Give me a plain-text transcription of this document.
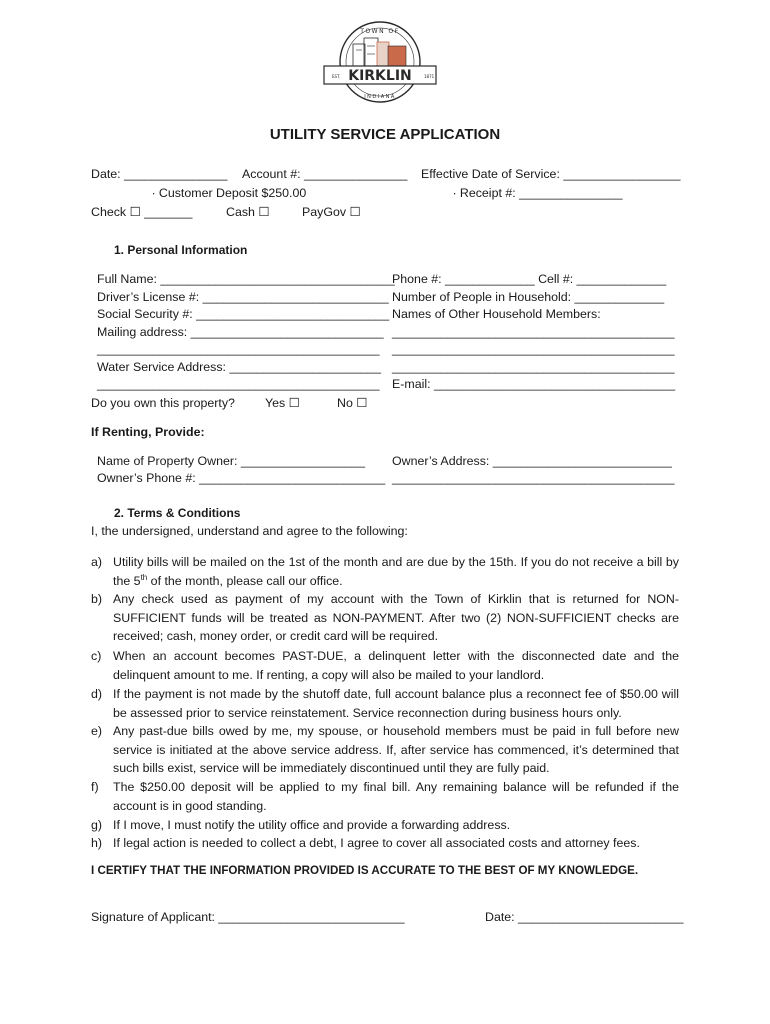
KIRKLIN
EST.	1871
TOWN OF
INDIANA
UTILITY SERVICE APPLICATION
Date: _______________ Account #: _______________ Effective Date of Service: _________________
∙ Customer Deposit $250.00	∙ Receipt #: _______________
Check ☐ _______	Cash ☐	PayGov ☐
1. Personal Information
Full Name: __________________________________
Driver’s License #: ___________________________
Social Security #: ____________________________
Mailing address: ____________________________
_________________________________________
Water Service Address: ______________________
_________________________________________
Phone #: _____________ Cell #: _____________
Number of People in Household: _____________
Names of Other Household Members:
_________________________________________
_________________________________________
_________________________________________
E-mail: ___________________________________
Do you own this property? Yes ☐	No ☐
If Renting, Provide:
Name of Property Owner: __________________
Owner’s Phone #: ___________________________
Owner’s Address: __________________________
_________________________________________
2. Terms & Conditions
I, the undersigned, understand and agree to the following:
a) Utility bills will be mailed on the 1st of the month and are due by the 15th. If you do not receive a bill by the 5th of the month, please call our office.
b) Any check used as payment of my account with the Town of Kirklin that is returned for NON-SUFFICIENT funds will be treated as NON-PAYMENT. After two (2) NON-SUFFICIENT checks are received; cash, money order, or credit card will be required.
c) When an account becomes PAST-DUE, a delinquent letter with the disconnected date and the delinquent amount to me. If renting, a copy will also be mailed to your landlord.
d) If the payment is not made by the shutoff date, full account balance plus a reconnect fee of $50.00 will be assessed prior to service reinstatement. Service reconnection during business hours only.
e) Any past-due bills owed by me, my spouse, or household members must be paid in full before new service is initiated at the above service address. If, after service has commenced, it’s determined that such bills exist, service will be immediately discontinued until they are fully paid.
f) The $250.00 deposit will be applied to my final bill. Any remaining balance will be refunded if the account is in good standing.
g) If I move, I must notify the utility office and provide a forwarding address.
h) If legal action is needed to collect a debt, I agree to cover all associated costs and attorney fees.
I CERTIFY THAT THE INFORMATION PROVIDED IS ACCURATE TO THE BEST OF MY KNOWLEDGE.
Signature of Applicant: ___________________________	Date: ________________________
